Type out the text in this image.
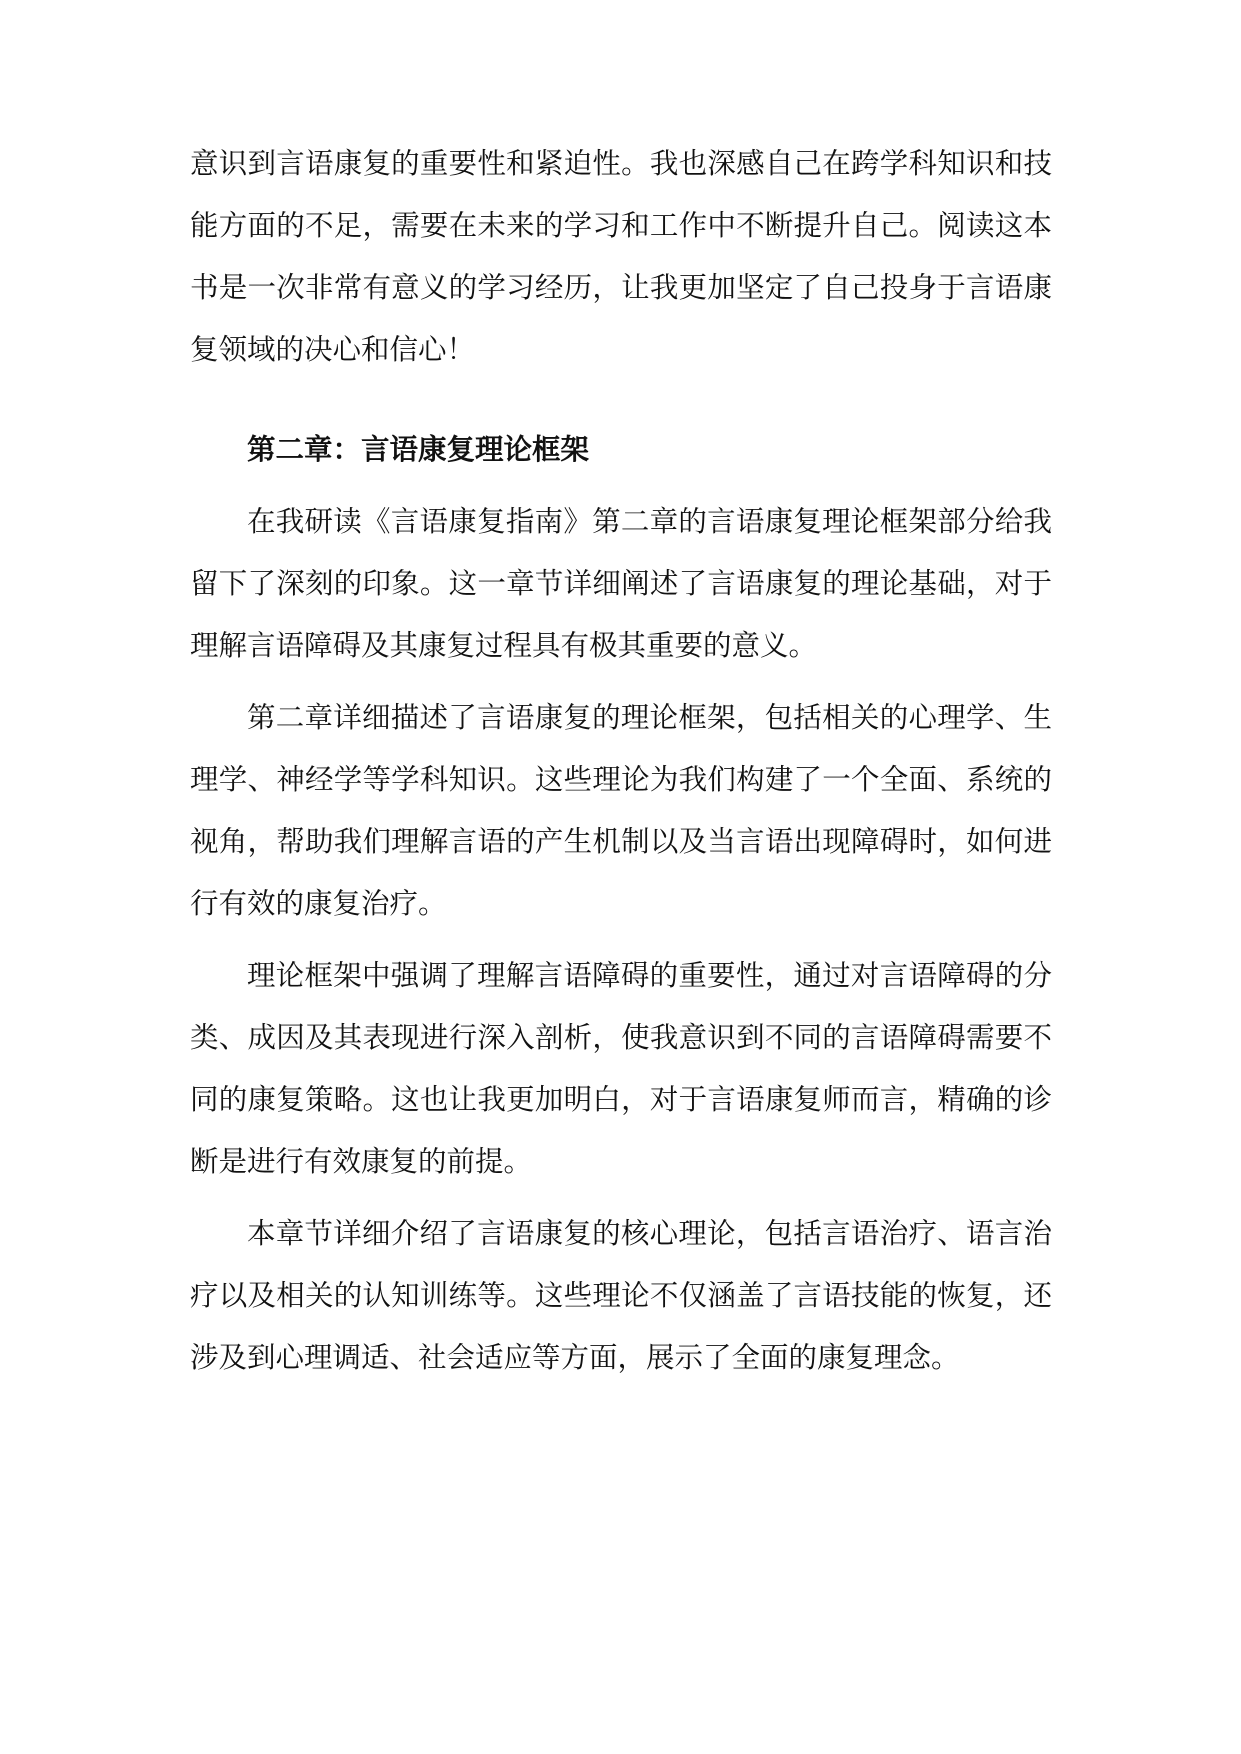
意识到言语康复的重要性和紧迫性。我也深感自己在跨学科知识和技能方面的不足，需要在未来的学习和工作中不断提升自己。阅读这本书是一次非常有意义的学习经历，让我更加坚定了自己投身于言语康复领域的决心和信心！

第二章：言语康复理论框架

在我研读《言语康复指南》第二章的言语康复理论框架部分给我留下了深刻的印象。这一章节详细阐述了言语康复的理论基础，对于理解言语障碍及其康复过程具有极其重要的意义。

第二章详细描述了言语康复的理论框架，包括相关的心理学、生理学、神经学等学科知识。这些理论为我们构建了一个全面、系统的视角，帮助我们理解言语的产生机制以及当言语出现障碍时，如何进行有效的康复治疗。

理论框架中强调了理解言语障碍的重要性，通过对言语障碍的分类、成因及其表现进行深入剖析，使我意识到不同的言语障碍需要不同的康复策略。这也让我更加明白，对于言语康复师而言，精确的诊断是进行有效康复的前提。

本章节详细介绍了言语康复的核心理论，包括言语治疗、语言治疗以及相关的认知训练等。这些理论不仅涵盖了言语技能的恢复，还涉及到心理调适、社会适应等方面，展示了全面的康复理念。
